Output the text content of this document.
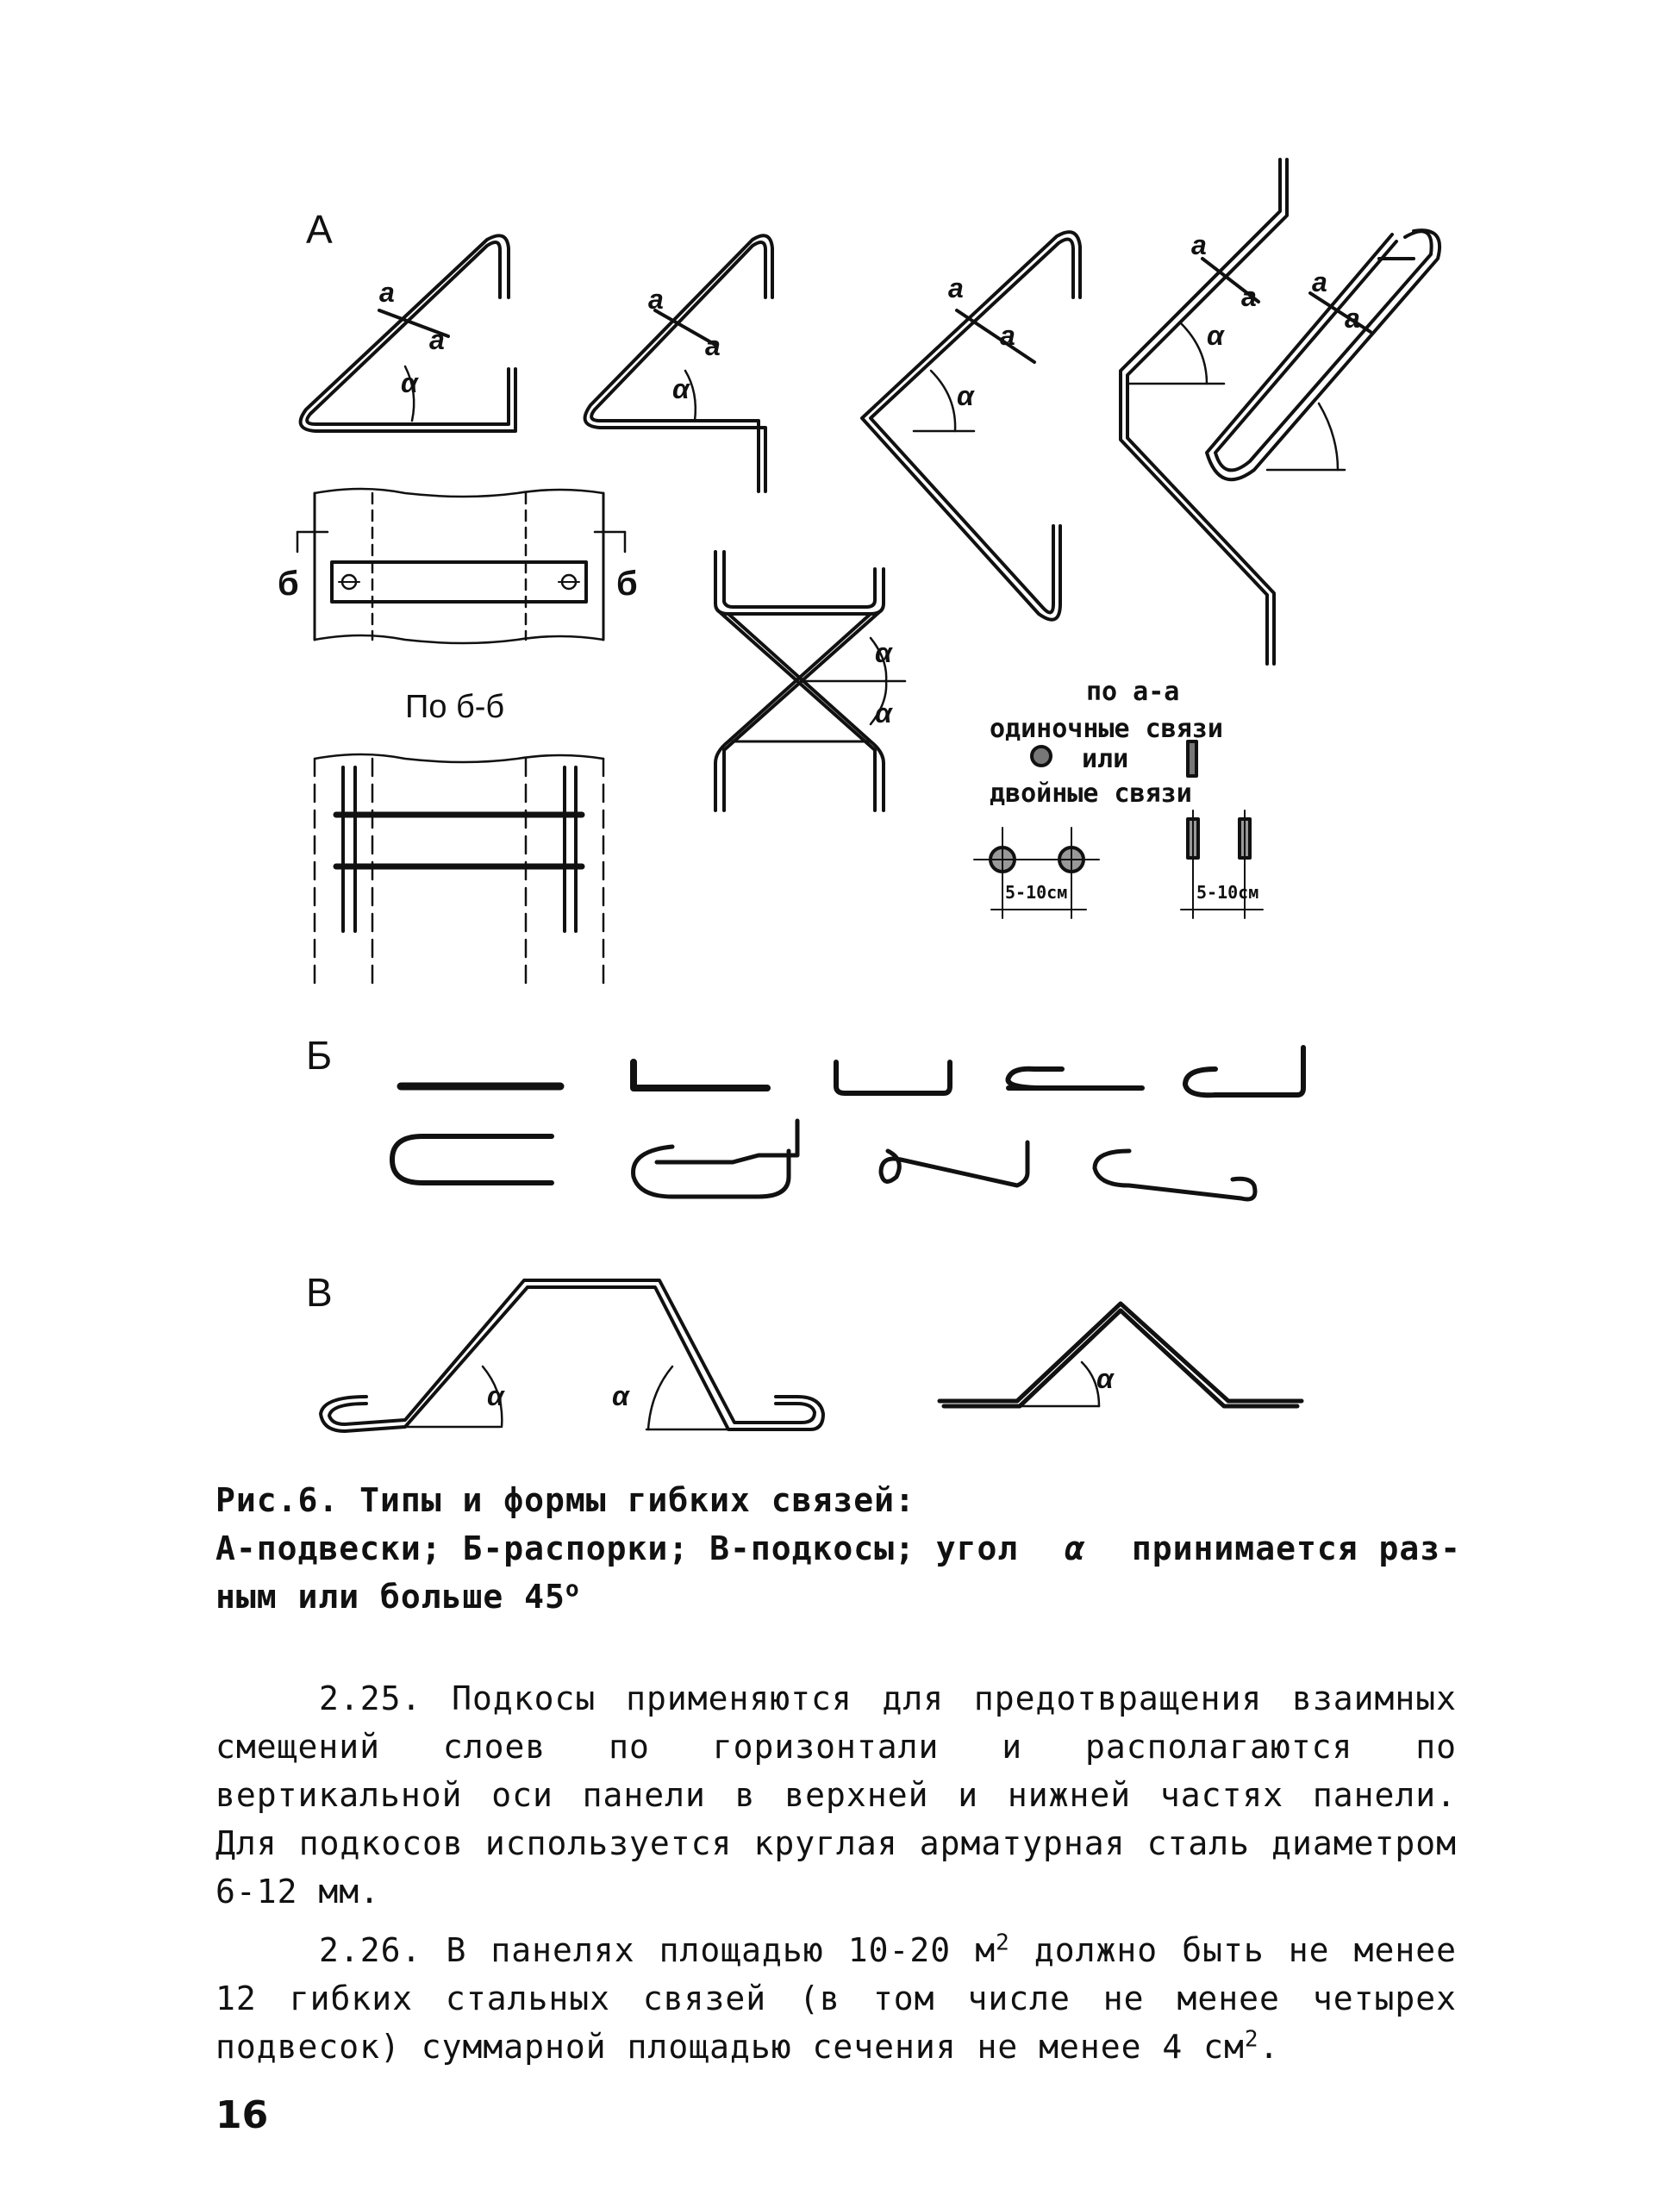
А
Б
В
а
а
α
а
а
α
а
а
α
а
а
α
а
а
α
α
α	α
α
б	б
По б-б	по а-а
одиночные связи
или
двойные связи
5-10см	5-10см
Рис.6. Типы и формы гибких связей:
А-подвески; Б-распорки; В-подкосы; угол α принимается раз-
ным или больше $45^о$

2.25. Подкосы применяются для предотвращения взаимных смещений слоев по горизонтали и располагаются по вертикальной оси панели в верхней и нижней частях панели. Для подкосов используется круглая арматурная сталь диаметром 6-12 мм.

2.26. В панелях площадью 10-20 $м^2$ должно быть не менее 12 гибких стальных связей (в том числе не менее четырех подвесок) суммарной площадью сечения не менее 4 $см^2$.

16
